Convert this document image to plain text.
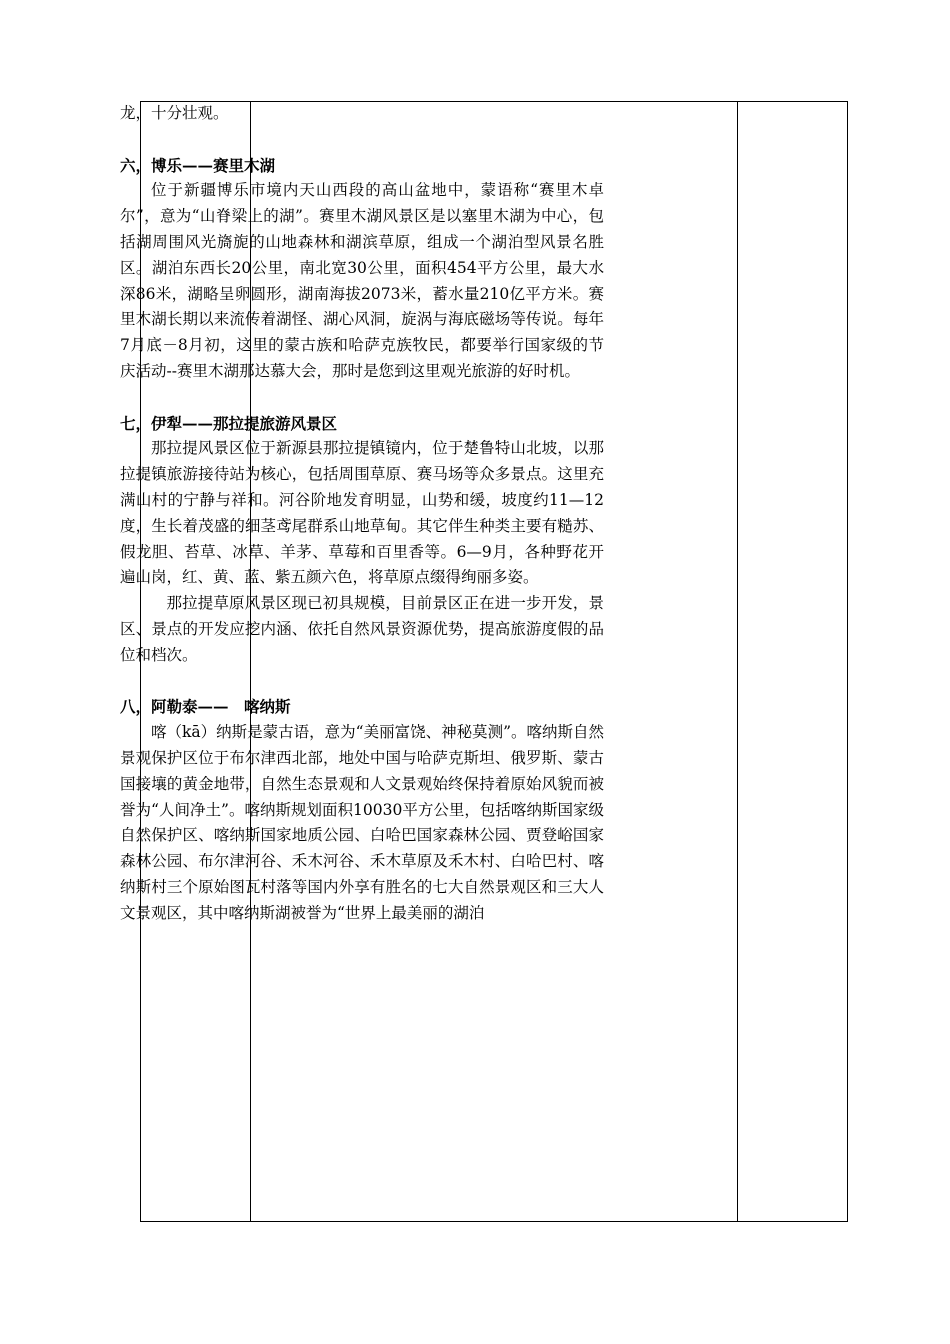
龙，十分壮观。

六，博乐——赛里木湖

位于新疆博乐市境内天山西段的高山盆地中，蒙语称“赛里木卓尔”，意为“山脊梁上的湖”。赛里木湖风景区是以塞里木湖为中心，包括湖周围风光旖旎的山地森林和湖滨草原，组成一个湖泊型风景名胜区。湖泊东西长20公里，南北宽30公里，面积454平方公里，最大水深86米，湖略呈卵圆形，湖南海拔2073米，蓄水量210亿平方米。赛里木湖长期以来流传着湖怪、湖心风洞，旋涡与海底磁场等传说。每年7月底－8月初，这里的蒙古族和哈萨克族牧民，都要举行国家级的节庆活动--赛里木湖那达慕大会，那时是您到这里观光旅游的好时机。

七，伊犁——那拉提旅游风景区

那拉提风景区位于新源县那拉提镇镜内，位于楚鲁特山北坡，以那拉提镇旅游接待站为核心，包括周围草原、赛马场等众多景点。这里充满山村的宁静与祥和。河谷阶地发育明显，山势和缓，坡度约11—12度，生长着茂盛的细茎鸢尾群系山地草甸。其它伴生种类主要有糙苏、假龙胆、苔草、冰草、羊茅、草莓和百里香等。6—9月，各种野花开遍山岗，红、黄、蓝、紫五颜六色，将草原点缀得绚丽多姿。

那拉提草原风景区现已初具规模，目前景区正在进一步开发，景区、景点的开发应挖内涵、依托自然风景资源优势，提高旅游度假的品位和档次。

八，阿勒泰——　喀纳斯

喀（kā）纳斯是蒙古语，意为“美丽富饶、神秘莫测”。喀纳斯自然景观保护区位于布尔津西北部，地处中国与哈萨克斯坦、俄罗斯、蒙古国接壤的黄金地带，自然生态景观和人文景观始终保持着原始风貌而被誉为“人间净土”。喀纳斯规划面积10030平方公里，包括喀纳斯国家级自然保护区、喀纳斯国家地质公园、白哈巴国家森林公园、贾登峪国家森林公园、布尔津河谷、禾木河谷、禾木草原及禾木村、白哈巴村、喀纳斯村三个原始图瓦村落等国内外享有胜名的七大自然景观区和三大人文景观区，其中喀纳斯湖被誉为“世界上最美丽的湖泊
